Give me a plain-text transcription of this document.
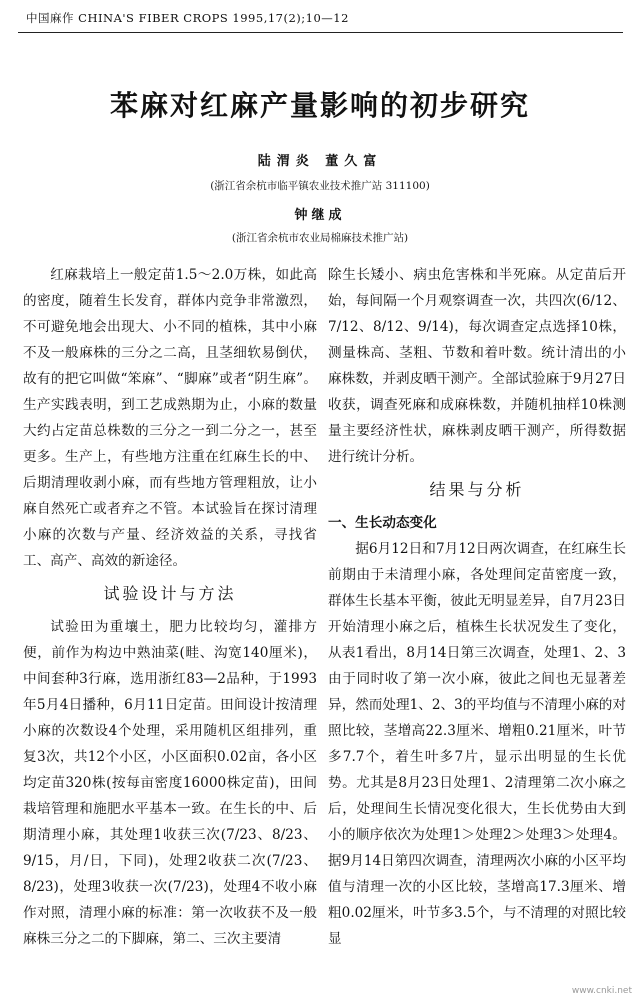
中国麻作 CHINA'S FIBER CROPS 1995,17(2);10—12
苯麻对红麻产量影响的初步研究
陆渭炎 董久富
(浙江省余杭市临平镇农业技术推广站 311100)
钟继成
(浙江省余杭市农业局棉麻技术推广站)

红麻栽培上一般定苗1.5～2.0万株，如此高的密度，随着生长发育，群体内竞争非常激烈，不可避免地会出现大、小不同的植株，其中小麻不及一般麻株的三分之二高，且茎细软易倒伏，故有的把它叫做“笨麻”、“脚麻”或者“阴生麻”。生产实践表明，到工艺成熟期为止，小麻的数量大约占定苗总株数的三分之一到二分之一，甚至更多。生产上，有些地方注重在红麻生长的中、后期清理收剥小麻，而有些地方管理粗放，让小麻自然死亡或者弃之不管。本试验旨在探讨清理小麻的次数与产量、经济效益的关系，寻找省工、高产、高效的新途径。

试验设计与方法

试验田为重壤土，肥力比较均匀，灌排方便，前作为构边中熟油菜(畦、沟宽140厘米)，中间套种3行麻，选用浙红83—2品种，于1993年5月4日播种，6月11日定苗。田间设计按清理小麻的次数设4个处理，采用随机区组排列，重复3次，共12个小区，小区面积0.02亩，各小区均定苗320株(按每亩密度16000株定苗)，田间栽培管理和施肥水平基本一致。在生长的中、后期清理小麻，其处理1收获三次(7/23、8/23、9/15，月/日，下同)，处理2收获二次(7/23、8/23)，处理3收获一次(7/23)，处理4不收小麻作对照，清理小麻的标准：第一次收获不及一般麻株三分之二的下脚麻，第二、三次主要清

除生长矮小、病虫危害株和半死麻。从定苗后开始，每间隔一个月观察调查一次，共四次(6/12、7/12、8/12、9/14)，每次调查定点选择10株，测量株高、茎粗、节数和着叶数。统计清出的小麻株数，并剥皮晒干测产。全部试验麻于9月27日收获，调查死麻和成麻株数，并随机抽样10株测量主要经济性状，麻株剥皮晒干测产，所得数据进行统计分析。

结果与分析
一、生长动态变化

据6月12日和7月12日两次调查，在红麻生长前期由于未清理小麻，各处理间定苗密度一致，群体生长基本平衡，彼此无明显差异，自7月23日开始清理小麻之后，植株生长状况发生了变化，从表1看出，8月14日第三次调查，处理1、2、3由于同时收了第一次小麻，彼此之间也无显著差异，然而处理1、2、3的平均值与不清理小麻的对照比较，茎增高22.3厘米、增粗0.21厘米，叶节多7.7个，着生叶多7片，显示出明显的生长优势。尤其是8月23日处理1、2清理第二次小麻之后，处理间生长情况变化很大，生长优势由大到小的顺序依次为处理1＞处理2＞处理3＞处理4。据9月14日第四次调查，清理两次小麻的小区平均值与清理一次的小区比较，茎增高17.3厘米、增粗0.02厘米，叶节多3.5个，与不清理的对照比较显

www.cnki.net
